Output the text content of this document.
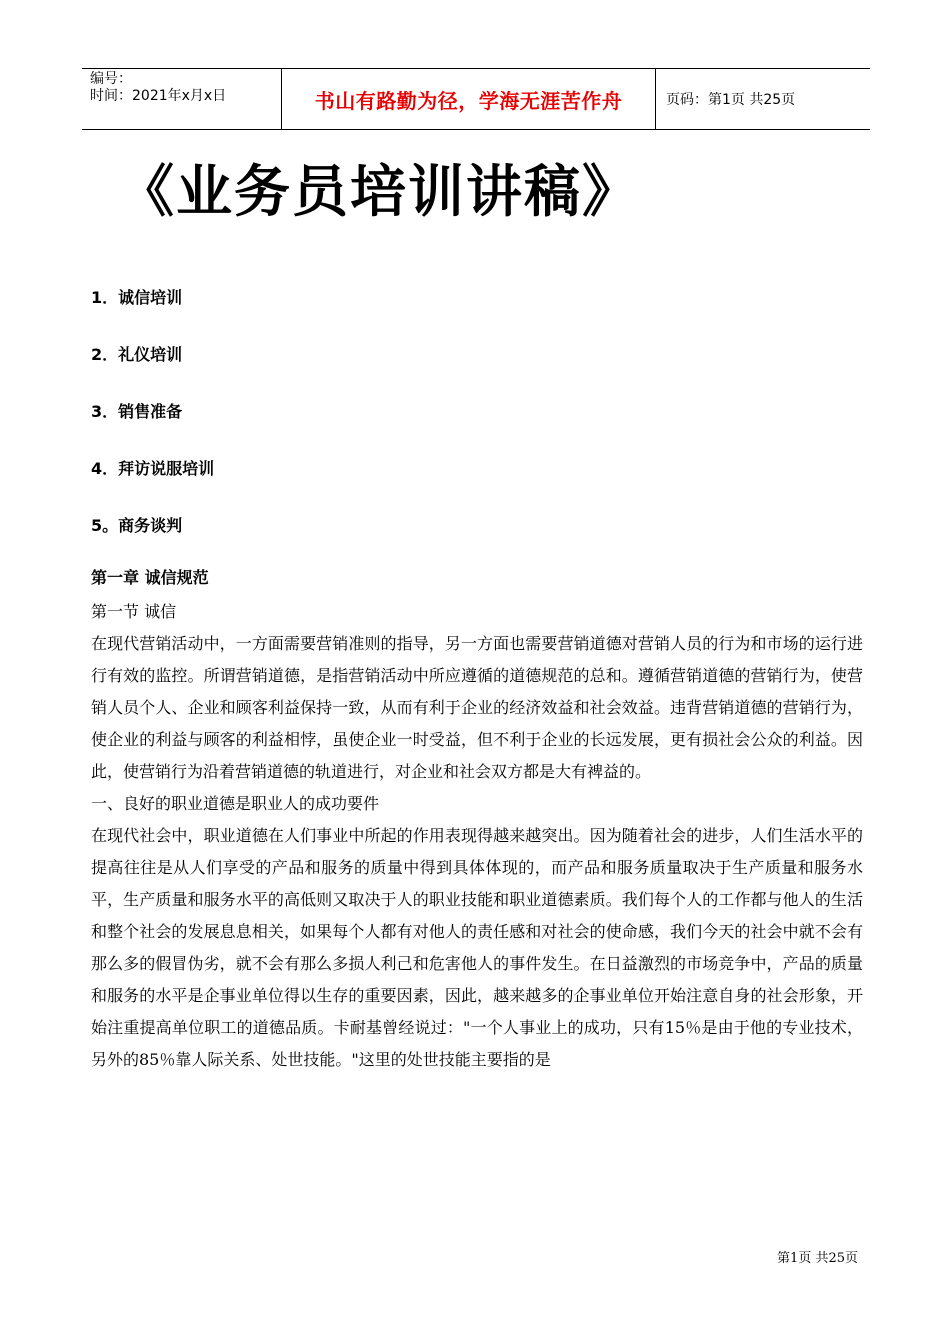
编号：
时间：2021年x月x日	书山有路勤为径，学海无涯苦作舟	页码：第1页 共25页
《业务员培训讲稿》
1．诚信培训
2．礼仪培训
3．销售准备
4．拜访说服培训
5。商务谈判

第一章 诚信规范

第一节 诚信

在现代营销活动中，一方面需要营销准则的指导，另一方面也需要营销道德对营销人员的行为和市场的运行进行有效的监控。所谓营销道德，是指营销活动中所应遵循的道德规范的总和。遵循营销道德的营销行为，使营销人员个人、企业和顾客利益保持一致，从而有利于企业的经济效益和社会效益。违背营销道德的营销行为，使企业的利益与顾客的利益相悖，虽使企业一时受益，但不利于企业的长远发展，更有损社会公众的利益。因此，使营销行为沿着营销道德的轨道进行，对企业和社会双方都是大有裨益的。

一、良好的职业道德是职业人的成功要件

在现代社会中，职业道德在人们事业中所起的作用表现得越来越突出。因为随着社会的进步，人们生活水平的提高往往是从人们享受的产品和服务的质量中得到具体体现的，而产品和服务质量取决于生产质量和服务水平，生产质量和服务水平的高低则又取决于人的职业技能和职业道德素质。我们每个人的工作都与他人的生活和整个社会的发展息息相关，如果每个人都有对他人的责任感和对社会的使命感，我们今天的社会中就不会有那么多的假冒伪劣，就不会有那么多损人利己和危害他人的事件发生。在日益激烈的市场竞争中，产品的质量和服务的水平是企事业单位得以生存的重要因素，因此，越来越多的企事业单位开始注意自身的社会形象，开始注重提高单位职工的道德品质。卡耐基曾经说过："一个人事业上的成功，只有15％是由于他的专业技术，另外的85％靠人际关系、处世技能。"这里的处世技能主要指的是

第1页 共25页
